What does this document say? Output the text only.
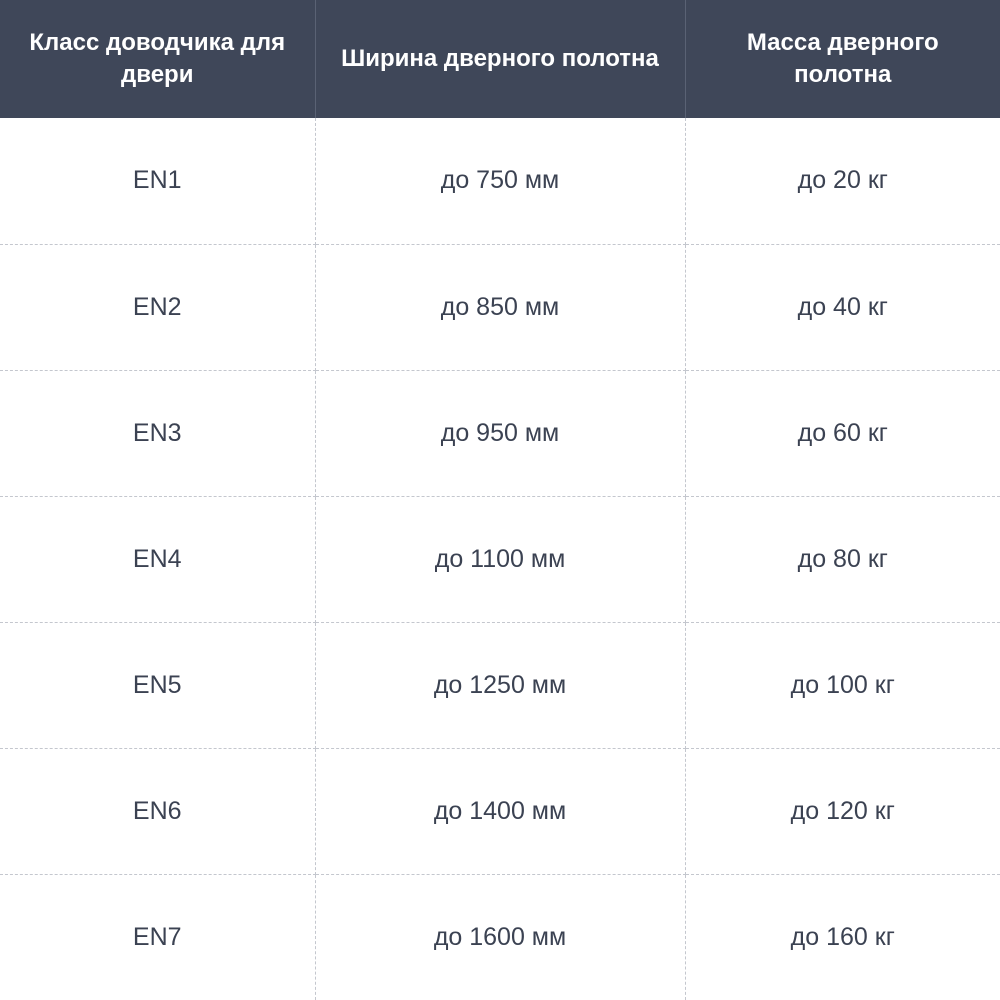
Класс доводчика для двери	Ширина дверного полотна	Масса дверного полотна
EN1	до 750 мм	до 20 кг
EN2	до 850 мм	до 40 кг
EN3	до 950 мм	до 60 кг
EN4	до 1100 мм	до 80 кг
EN5	до 1250 мм	до 100 кг
EN6	до 1400 мм	до 120 кг
EN7	до 1600 мм	до 160 кг
